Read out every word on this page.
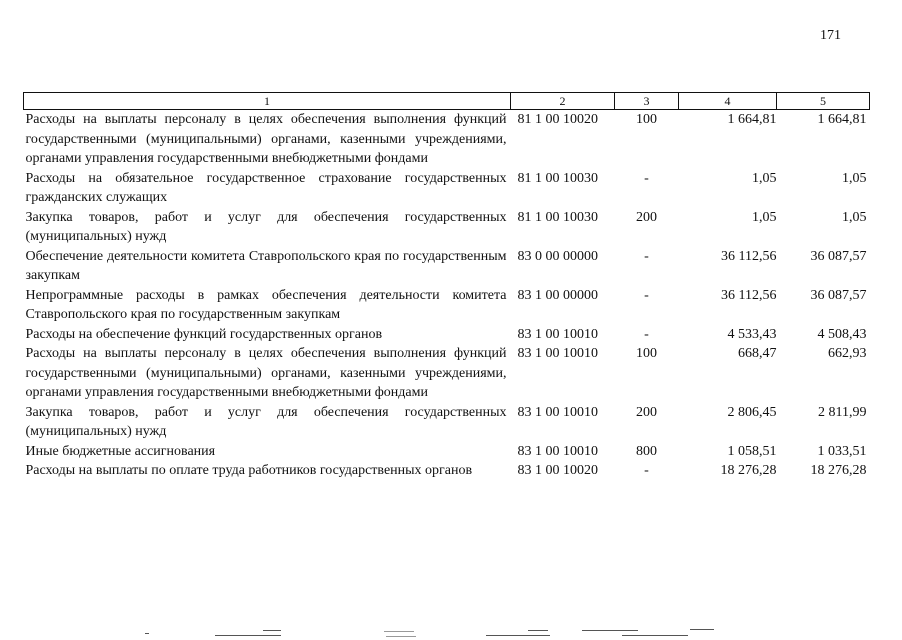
171
1	2	3	4	5
Расходы на выплаты персоналу в целях обеспечения выполнения функций государственными (муниципальными) органами, казенными учреждениями, органами управления государственными внебюджетными фондами	81 1 00 10020	100	1 664,81	1 664,81
Расходы на обязательное государственное страхование государственных гражданских служащих	81 1 00 10030	-	1,05	1,05
Закупка товаров, работ и услуг для обеспечения государственных (муниципальных) нужд	81 1 00 10030	200	1,05	1,05
Обеспечение деятельности комитета Ставропольского края по государственным закупкам	83 0 00 00000	-	36 112,56	36 087,57
Непрограммные расходы в рамках обеспечения деятельности комитета Ставропольского края по государственным закупкам	83 1 00 00000	-	36 112,56	36 087,57
Расходы на обеспечение функций государственных органов	83 1 00 10010	-	4 533,43	4 508,43
Расходы на выплаты персоналу в целях обеспечения выполнения функций государственными (муниципальными) органами, казенными учреждениями, органами управления государственными внебюджетными фондами	83 1 00 10010	100	668,47	662,93
Закупка товаров, работ и услуг для обеспечения государственных (муниципальных) нужд	83 1 00 10010	200	2 806,45	2 811,99
Иные бюджетные ассигнования	83 1 00 10010	800	1 058,51	1 033,51
Расходы на выплаты по оплате труда работников государственных органов	83 1 00 10020	-	18 276,28	18 276,28
